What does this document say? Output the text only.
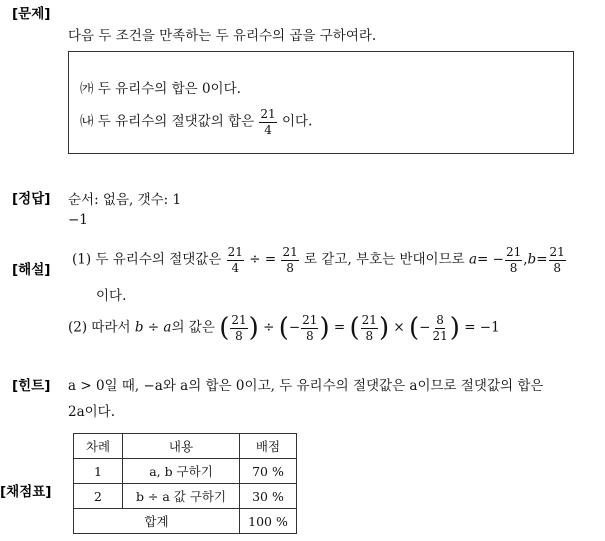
[문제]
다음 두 조건을 만족하는 두 유리수의 곱을 구하여라.
㈎ 두 유리수의 합은 0이다.
㈏ 두 유리수의 절댓값의 합은 $\frac{21}{4}$ 이다.
[정답] 순서: 없음, 갯수: 1
−1
[해설]
(1) 두 유리수의 절댓값은 $\frac{21}{4}$ ÷ = $\frac{21}{8}$ 로 같고, 부호는 반대이므로 $a= - \frac{21}{8} ,b= \frac{21}{8}$
이다.
(2) 따라서 b ÷ a의 값은 ( $\frac{21}{8}$ ) ÷ (− $\frac{21}{8}$ ) = ( $\frac{21}{8}$ ) × (− $\frac{8}{21}$ ) = −1
[힌트] a > 0일 때, −a와 a의 합은 0이고, 두 유리수의 절댓값은 a이므로 절댓값의 합은
2a이다.
[채점표]
차례	내용	배점
1	a, b 구하기	70 %
2	b ÷ a 값 구하기	30 %
합계		100 %
